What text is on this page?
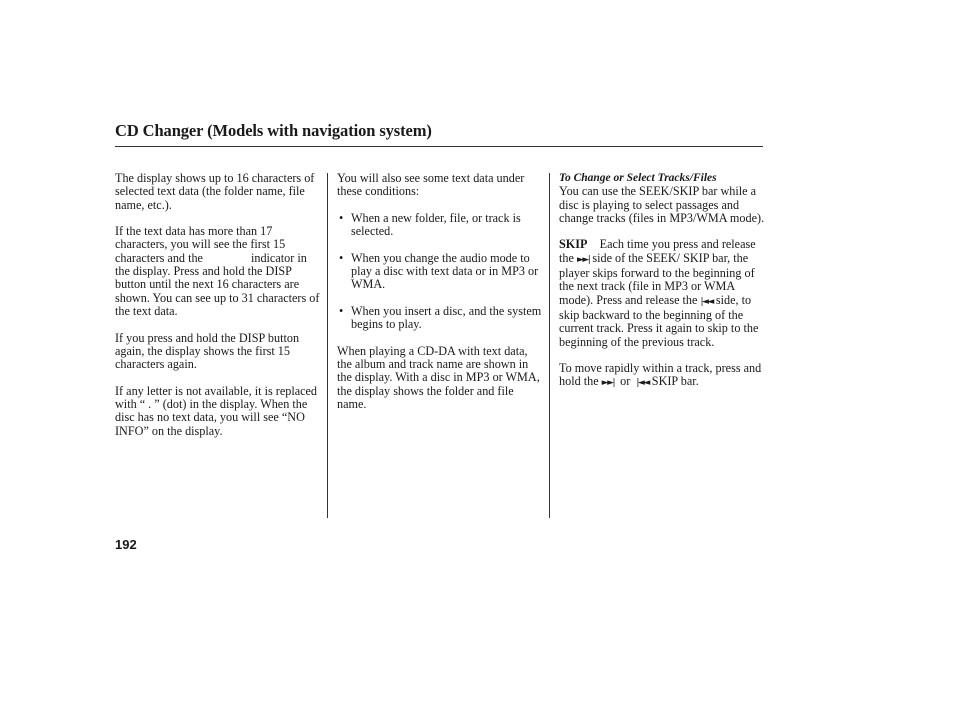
CD Changer (Models with navigation system)

The display shows up to 16 characters of selected text data (the folder name, file name, etc.).

If the text data has more than 17 characters, you will see the first 15 characters and the	indicator in the display. Press and hold the DISP button until the next 16 characters are shown. You can see up to 31 characters of the text data.

If you press and hold the DISP button again, the display shows the first 15 characters again.

If any letter is not available, it is replaced with “ . ” (dot) in the display. When the disc has no text data, you will see “NO INFO” on the display.

You will also see some text data under these conditions:

• When a new folder, file, or track is selected.
• When you change the audio mode to play a disc with text data or in MP3 or WMA.
• When you insert a disc, and the system begins to play.

When playing a CD-DA with text data, the album and track name are shown in the display. With a disc in MP3 or WMA, the display shows the folder and file name.

To Change or Select Tracks/Files

You can use the SEEK/SKIP bar while a disc is playing to select passages and change tracks (files in MP3/WMA mode).

SKIP Each time you press and release the ►►| side of the SEEK/ SKIP bar, the player skips forward to the beginning of the next track (file in MP3 or WMA mode). Press and release the |◄◄ side, to skip backward to the beginning of the current track. Press it again to skip to the beginning of the previous track.

To move rapidly within a track, press and hold the ►►| or |◄◄ SKIP bar.

192
